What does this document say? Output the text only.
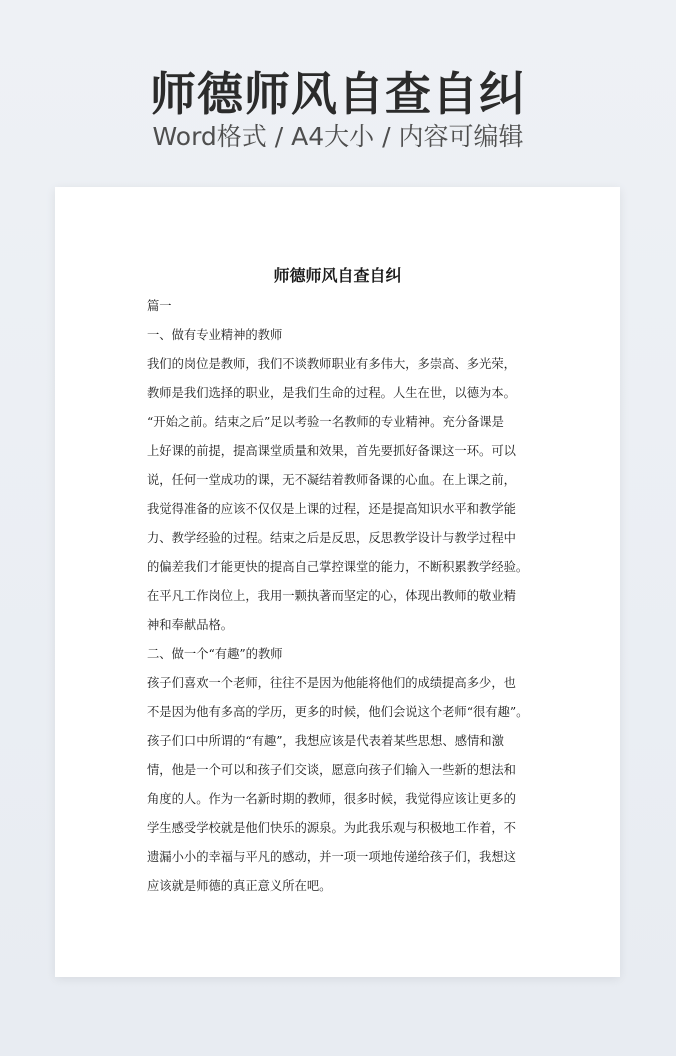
师德师风自查自纠
Word格式 / A4大小 / 内容可编辑
师德师风自查自纠
篇一
一、做有专业精神的教师
我们的岗位是教师，我们不谈教师职业有多伟大，多崇高、多光荣，
教师是我们选择的职业，是我们生命的过程。人生在世，以德为本。
“开始之前。结束之后”足以考验一名教师的专业精神。充分备课是
上好课的前提，提高课堂质量和效果，首先要抓好备课这一环。可以
说，任何一堂成功的课，无不凝结着教师备课的心血。在上课之前，
我觉得准备的应该不仅仅是上课的过程，还是提高知识水平和教学能
力、教学经验的过程。结束之后是反思，反思教学设计与教学过程中
的偏差我们才能更快的提高自己掌控课堂的能力，不断积累教学经验。
在平凡工作岗位上，我用一颗执著而坚定的心，体现出教师的敬业精
神和奉献品格。
二、做一个“有趣”的教师
孩子们喜欢一个老师，往往不是因为他能将他们的成绩提高多少，也
不是因为他有多高的学历，更多的时候，他们会说这个老师“很有趣”。
孩子们口中所谓的“有趣”，我想应该是代表着某些思想、感情和激
情，他是一个可以和孩子们交谈，愿意向孩子们输入一些新的想法和
角度的人。作为一名新时期的教师，很多时候，我觉得应该让更多的
学生感受学校就是他们快乐的源泉。为此我乐观与积极地工作着，不
遗漏小小的幸福与平凡的感动，并一项一项地传递给孩子们，我想这
应该就是师德的真正意义所在吧。
